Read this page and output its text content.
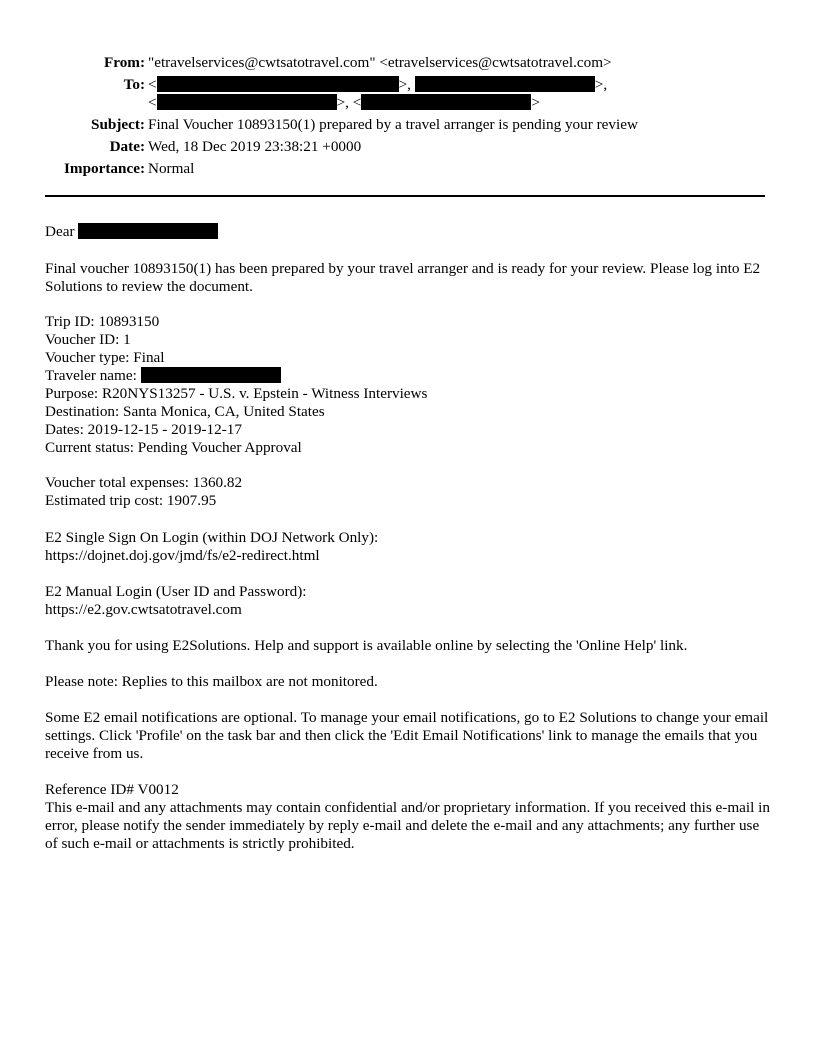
From: "etravelservices@cwtsatotravel.com" <etravelservices@cwtsatotravel.com>
To: <	>,	>,
<	>, <	>
Subject: Final Voucher 10893150(1) prepared by a travel arranger is pending your review
Date: Wed, 18 Dec 2019 23:38:21 +0000
Importance: Normal
Dear
Final voucher 10893150(1) has been prepared by your travel arranger and is ready for your review. Please log into E2 Solutions to review the document.
Trip ID: 10893150
Voucher ID: 1
Voucher type: Final
Traveler name:
Purpose: R20NYS13257 - U.S. v. Epstein - Witness Interviews
Destination: Santa Monica, CA, United States
Dates: 2019-12-15 - 2019-12-17
Current status: Pending Voucher Approval
Voucher total expenses: 1360.82
Estimated trip cost: 1907.95
E2 Single Sign On Login (within DOJ Network Only):
https://dojnet.doj.gov/jmd/fs/e2-redirect.html
E2 Manual Login (User ID and Password):
https://e2.gov.cwtsatotravel.com
Thank you for using E2Solutions. Help and support is available online by selecting the 'Online Help' link.
Please note: Replies to this mailbox are not monitored.
Some E2 email notifications are optional. To manage your email notifications, go to E2 Solutions to change your email settings. Click 'Profile' on the task bar and then click the 'Edit Email Notifications' link to manage the emails that you receive from us.
Reference ID# V0012
This e-mail and any attachments may contain confidential and/or proprietary information. If you received this e-mail in error, please notify the sender immediately by reply e-mail and delete the e-mail and any attachments; any further use of such e-mail or attachments is strictly prohibited.
